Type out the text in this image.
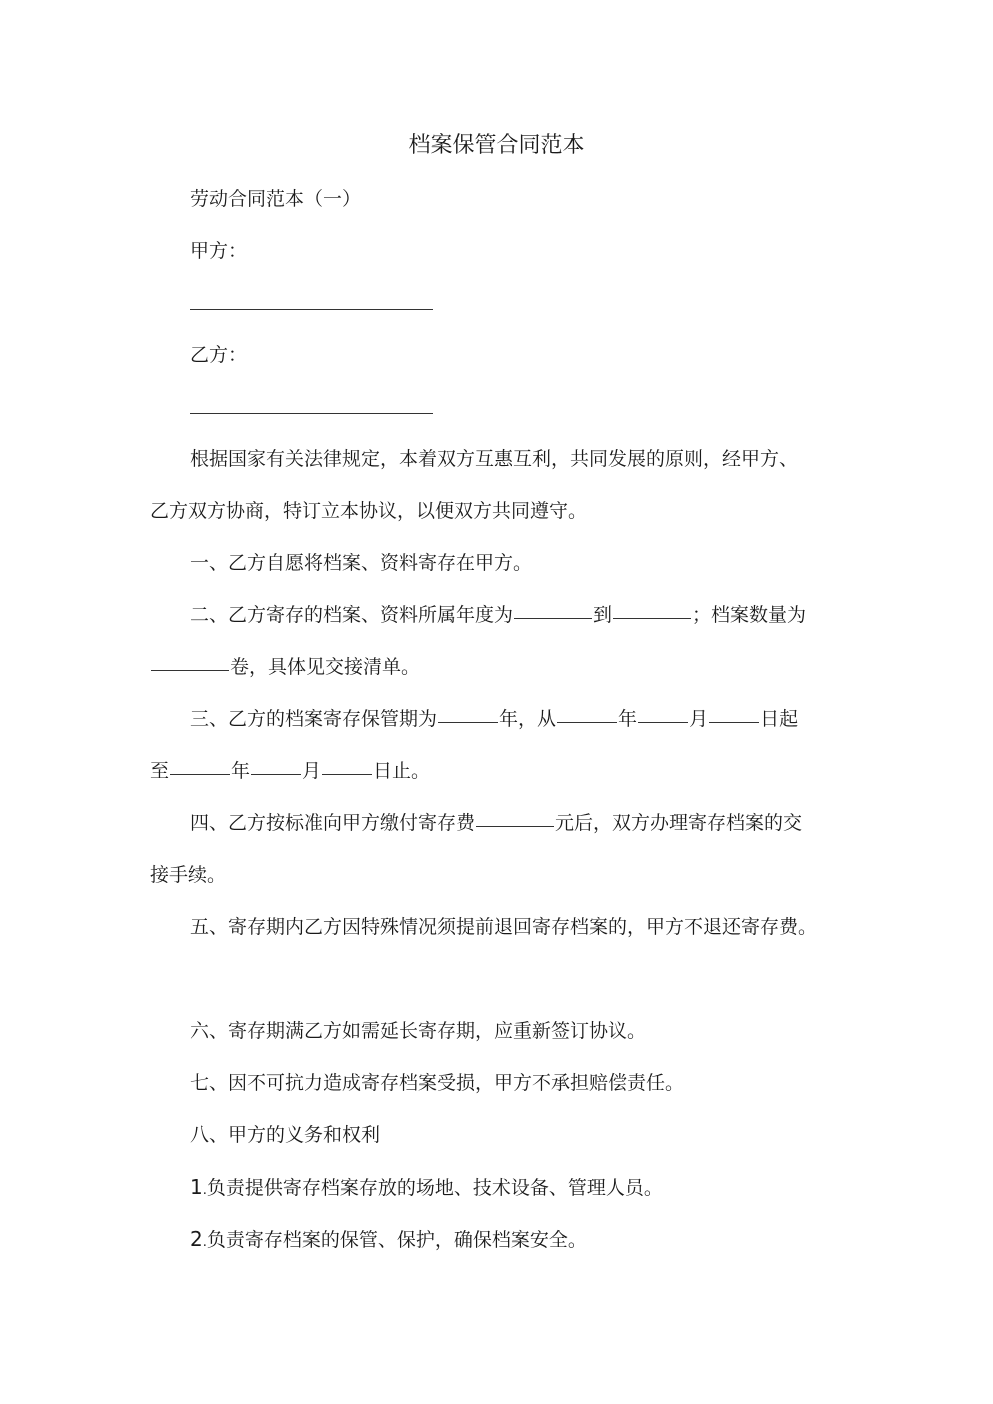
档案保管合同范本
劳动合同范本（一）
甲方：
乙方：
根据国家有关法律规定，本着双方互惠互利，共同发展的原则，经甲方、
乙方双方协商，特订立本协议，以便双方共同遵守。
一、乙方自愿将档案、资料寄存在甲方。
二、乙方寄存的档案、资料所属年度为	到	；档案数量为
卷，具体见交接清单。
三、乙方的档案寄存保管期为	年，从	年	月	日起
至	年	月	日止。
四、乙方按标准向甲方缴付寄存费	元后，双方办理寄存档案的交
接手续。
五、寄存期内乙方因特殊情况须提前退回寄存档案的，甲方不退还寄存费。
六、寄存期满乙方如需延长寄存期，应重新签订协议。
七、因不可抗力造成寄存档案受损，甲方不承担赔偿责任。
八、甲方的义务和权利
1.负责提供寄存档案存放的场地、技术设备、管理人员。
2.负责寄存档案的保管、保护，确保档案安全。
